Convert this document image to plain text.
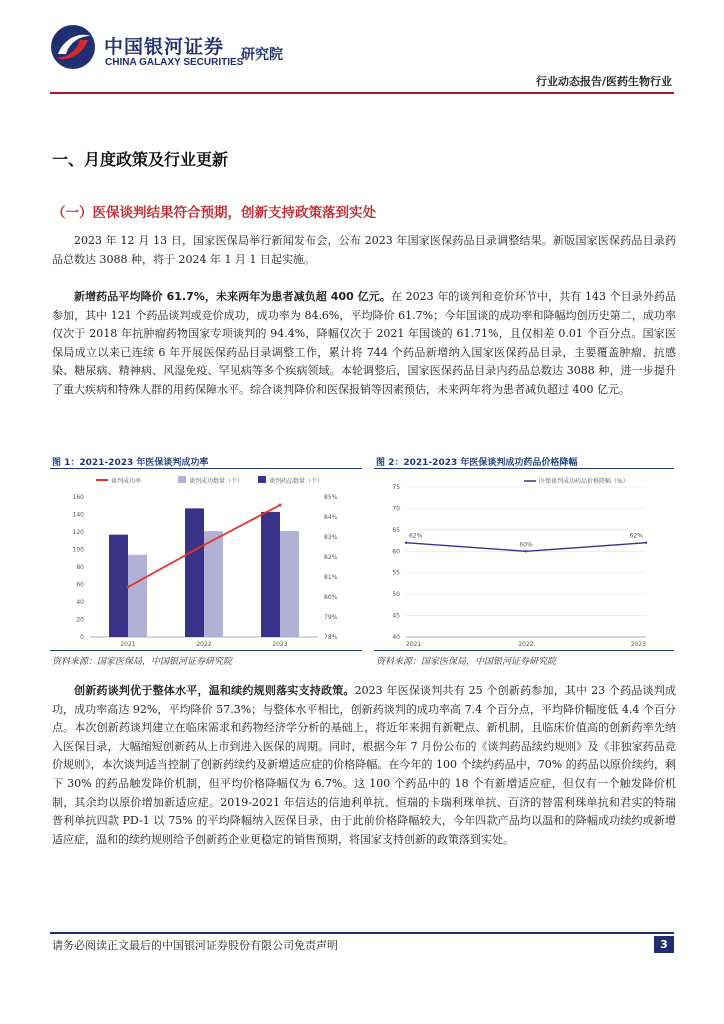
中国银河证券
CHINA GALAXY SECURITIES
研究院
行业动态报告/医药生物行业
一、月度政策及行业更新
（一）医保谈判结果符合预期，创新支持政策落到实处
2023 年 12 月 13 日，国家医保局举行新闻发布会，公布 2023 年国家医保药品目录调整结果。新版国家医保药品目录药品总数达 3088 种，将于 2024 年 1 月 1 日起实施。
新增药品平均降价 61.7%，未来两年为患者减负超 400 亿元。在 2023 年的谈判和竞价环节中，共有 143 个目录外药品参加，其中 121 个药品谈判或竞价成功，成功率为 84.6%，平均降价 61.7%；今年国谈的成功率和降幅均创历史第二，成功率仅次于 2018 年抗肿瘤药物国家专项谈判的 94.4%，降幅仅次于 2021 年国谈的 61.71%，且仅相差 0.01 个百分点。国家医保局成立以来已连续 6 年开展医保药品目录调整工作，累计将 744 个药品新增纳入国家医保药品目录，主要覆盖肿瘤、抗感染、糖尿病、精神病、风湿免疫、罕见病等多个疾病领域。本轮调整后，国家医保药品目录内药品总数达 3088 种，进一步提升了重大疾病和特殊人群的用药保障水平。综合谈判降价和医保报销等因素预估，未来两年将为患者减负超过 400 亿元。
图 1：2021-2023 年医保谈判成功率
谈判成功率	谈判成功数量（个）	谈判药品数量（个）
0
20
40
60
80
100
120
140
160
78%
79%
80%
81%
82%
83%
84%
85%
2021	2022	2023
资料来源：国家医保局，中国银河证券研究院
图 2：2021-2023 年医保谈判成功药品价格降幅
医保谈判成功药品价格降幅（%）
40
45
50
55
60
65
70
75
62%
2021
60%
2022
62%
2023
资料来源：国家医保局，中国银河证券研究院
创新药谈判优于整体水平，温和续约规则落实支持政策。2023 年医保谈判共有 25 个创新药参加，其中 23 个药品谈判成功，成功率高达 92%，平均降价 57.3%；与整体水平相比，创新药谈判的成功率高 7.4 个百分点，平均降价幅度低 4.4 个百分点。本次创新药谈判建立在临床需求和药物经济学分析的基础上，将近年来拥有新靶点、新机制，且临床价值高的创新药率先纳入医保目录，大幅缩短创新药从上市到进入医保的周期。同时，根据今年 7 月份公布的《谈判药品续约规则》及《非独家药品竞价规则》，本次谈判适当控制了创新药续约及新增适应症的价格降幅。在今年的 100 个续约药品中，70% 的药品以原价续约，剩下 30% 的药品触发降价机制，但平均价格降幅仅为 6.7%。这 100 个药品中的 18 个有新增适应症，但仅有一个触发降价机制，其余均以原价增加新适应症。2019-2021 年信达的信迪利单抗、恒瑞的卡瑞利珠单抗、百济的替雷利珠单抗和君实的特瑞普利单抗四款 PD-1 以 75% 的平均降幅纳入医保目录，由于此前价格降幅较大，今年四款产品均以温和的降幅成功续约或新增适应症，温和的续约规则给予创新药企业更稳定的销售预期，将国家支持创新的政策落到实处。
请务必阅读正文最后的中国银河证券股份有限公司免责声明	3
